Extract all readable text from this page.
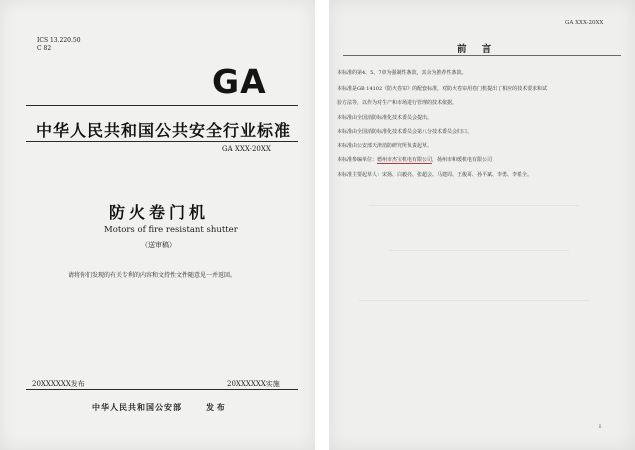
ICS 13.220.50
C 82
GA
中华人民共和国公共安全行业标准
GA XXX-20XX
防火卷门机
Motors of fire resistant shutter
（送审稿）
请将你们发现的有关专利的内容和文持性文件随意见一并返回。
20XXXXXX发布	20XXXXXX实施
中华人民共和国公安部	发 布
GA XXX-20XX
前 言
本标准的第4、5、7章为强制性条款，其余为推荐性条款。
本标准是GB 14102《防火卷帘》的配套标准，对防火卷帘用卷门机提出了相应的技术要求和试
验方法等，以作为对生产和市场进行管理的技术依据。
本标准由全国消防标准化技术委员会提出。
本标准由全国消防标准化技术委员会第八分技术委员会归口。
本标准由公安部天津消防研究所负责起草。
本标准参编单位：德州市杰宝机电有限公司，扬州市和缓机电有限公司
本标准主要起草人：宋扬、白毅亮、张超会、马建周、王俊哥、孙平斌、李勇、李希全。
I
